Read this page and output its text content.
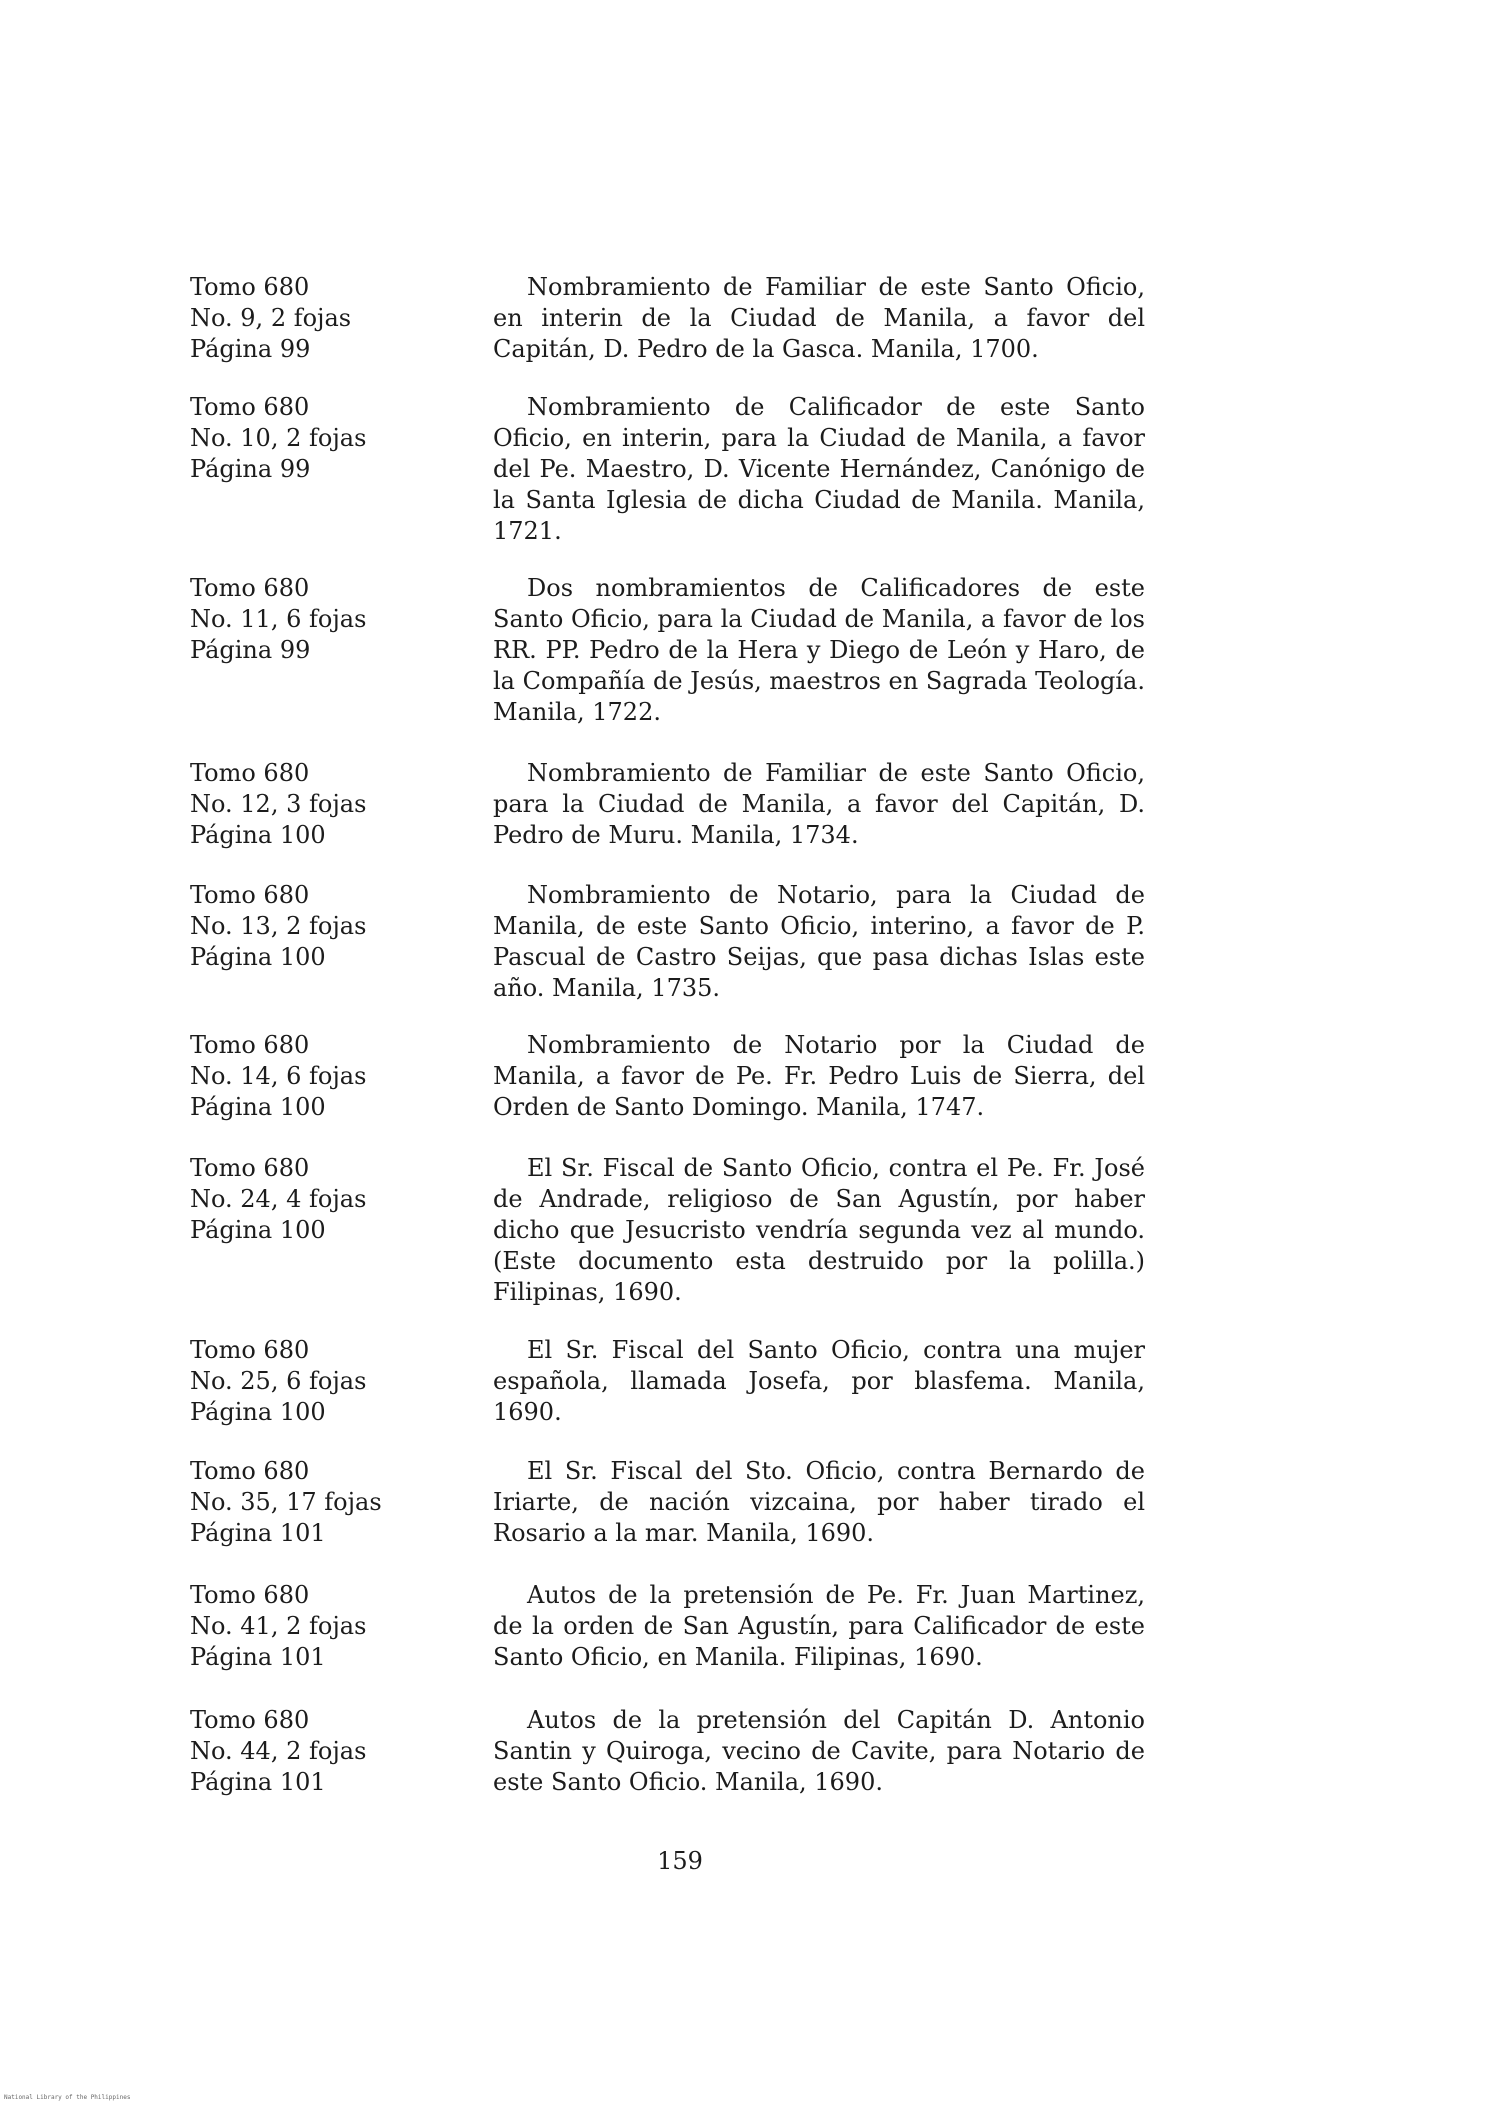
Tomo 680
No. 9, 2 fojas
Página 99
Nombramiento de Familiar de este Santo Oficio, en interin de la Ciudad de Manila, a favor del Capitán, D. Pedro de la Gasca. Manila, 1700.
Tomo 680
No. 10, 2 fojas
Página 99
Nombramiento de Calificador de este Santo Oficio, en interin, para la Ciudad de Manila, a favor del Pe. Maestro, D. Vicente Hernández, Canónigo de la Santa Iglesia de dicha Ciudad de Manila. Manila, 1721.
Tomo 680
No. 11, 6 fojas
Página 99
Dos nombramientos de Calificadores de este Santo Oficio, para la Ciudad de Manila, a favor de los RR. PP. Pedro de la Hera y Diego de León y Haro, de la Compañía de Jesús, maestros en Sagrada Teología. Manila, 1722.
Tomo 680
No. 12, 3 fojas
Página 100
Nombramiento de Familiar de este Santo Oficio, para la Ciudad de Manila, a favor del Capitán, D. Pedro de Muru. Manila, 1734.
Tomo 680
No. 13, 2 fojas
Página 100
Nombramiento de Notario, para la Ciudad de Manila, de este Santo Oficio, interino, a favor de P. Pascual de Castro Seijas, que pasa dichas Islas este año. Manila, 1735.
Tomo 680
No. 14, 6 fojas
Página 100
Nombramiento de Notario por la Ciudad de Manila, a favor de Pe. Fr. Pedro Luis de Sierra, del Orden de Santo Domingo. Manila, 1747.
Tomo 680
No. 24, 4 fojas
Página 100
El Sr. Fiscal de Santo Oficio, contra el Pe. Fr. José de Andrade, religioso de San Agustín, por haber dicho que Jesucristo vendría segunda vez al mundo. (Este documento esta destruido por la polilla.) Filipinas, 1690.
Tomo 680
No. 25, 6 fojas
Página 100
El Sr. Fiscal del Santo Oficio, contra una mujer española, llamada Josefa, por blasfema. Manila, 1690.
Tomo 680
No. 35, 17 fojas
Página 101
El Sr. Fiscal del Sto. Oficio, contra Bernardo de Iriarte, de nación vizcaina, por haber tirado el Rosario a la mar. Manila, 1690.
Tomo 680
No. 41, 2 fojas
Página 101
Autos de la pretensión de Pe. Fr. Juan Martinez, de la orden de San Agustín, para Calificador de este Santo Oficio, en Manila. Filipinas, 1690.
Tomo 680
No. 44, 2 fojas
Página 101
Autos de la pretensión del Capitán D. Antonio Santin y Quiroga, vecino de Cavite, para Notario de este Santo Oficio. Manila, 1690.
159
National Library of the Philippines
